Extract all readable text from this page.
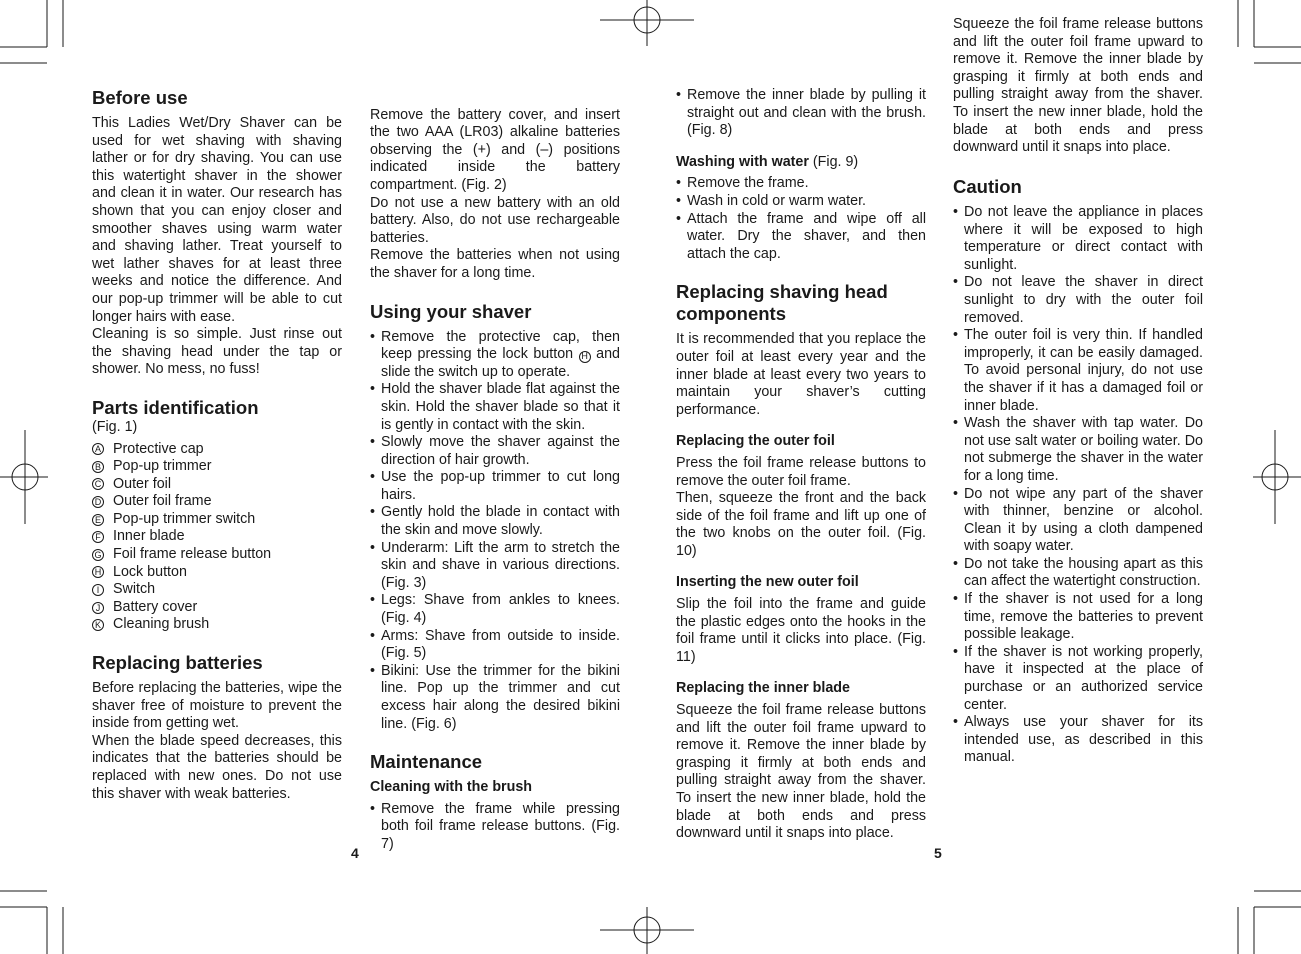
Before use

This Ladies Wet/Dry Shaver can be used for wet shaving with shaving lather or for dry shaving. You can use this watertight shaver in the shower and clean it in water. Our research has shown that you can enjoy closer and smoother shaves using warm water and shaving lather. Treat yourself to wet lather shaves for at least three weeks and notice the difference. And our pop-up trimmer will be able to cut longer hairs with ease.

Cleaning is so simple. Just rinse out the shaving head under the tap or shower. No mess, no fuss!

Parts identification
(Fig. 1)
A Protective cap
B Pop-up trimmer
C Outer foil
D Outer foil frame
E Pop-up trimmer switch
F Inner blade
G Foil frame release button
H Lock button
I Switch
J Battery cover
K Cleaning brush
Replacing batteries

Before replacing the batteries, wipe the shaver free of moisture to prevent the inside from getting wet.

When the blade speed decreases, this indicates that the batteries should be replaced with new ones. Do not use this shaver with weak batteries.

Remove the battery cover, and insert the two AAA (LR03) alkaline batteries observing the (+) and (–) positions indicated inside the battery compartment. (Fig. 2)

Do not use a new battery with an old battery. Also, do not use rechargeable batteries.

Remove the batteries when not using the shaver for a long time.

Using your shaver
• Remove the protective cap, then keep pressing the lock button H and slide the switch up to operate.
• Hold the shaver blade flat against the skin. Hold the shaver blade so that it is gently in contact with the skin.
• Slowly move the shaver against the direction of hair growth.
• Use the pop-up trimmer to cut long hairs.
• Gently hold the blade in contact with the skin and move slowly.
• Underarm: Lift the arm to stretch the skin and shave in various directions. (Fig. 3)
• Legs: Shave from ankles to knees. (Fig. 4)
• Arms: Shave from outside to inside. (Fig. 5)
• Bikini: Use the trimmer for the bikini line. Pop up the trimmer and cut excess hair along the desired bikini line. (Fig. 6)
Maintenance
Cleaning with the brush
• Remove the frame while pressing both foil frame release buttons. (Fig. 7)
• Remove the inner blade by pulling it straight out and clean with the brush. (Fig. 8)
Washing with water (Fig. 9)
• Remove the frame.
• Wash in cold or warm water.
• Attach the frame and wipe off all water. Dry the shaver, and then attach the cap.
Replacing shaving head components

It is recommended that you replace the outer foil at least every year and the inner blade at least every two years to maintain your shaver’s cutting performance.

Replacing the outer foil

Press the foil frame release buttons to remove the outer foil frame.

Then, squeeze the front and the back side of the foil frame and lift up one of the two knobs on the outer foil. (Fig. 10)

Inserting the new outer foil

Slip the foil into the frame and guide the plastic edges onto the hooks in the foil frame until it clicks into place. (Fig. 11)

Replacing the inner blade

Squeeze the foil frame release buttons and lift the outer foil frame upward to remove it. Remove the inner blade by grasping it firmly at both ends and pulling straight away from the shaver. To insert the new inner blade, hold the blade at both ends and press downward until it snaps into place.

Squeeze the foil frame release buttons and lift the outer foil frame upward to remove it. Remove the inner blade by grasping it firmly at both ends and pulling straight away from the shaver. To insert the new inner blade, hold the blade at both ends and press downward until it snaps into place.

Caution
• Do not leave the appliance in places where it will be exposed to high temperature or direct contact with sunlight.
• Do not leave the shaver in direct sunlight to dry with the outer foil removed.
• The outer foil is very thin. If handled improperly, it can be easily damaged. To avoid personal injury, do not use the shaver if it has a damaged foil or inner blade.
• Wash the shaver with tap water. Do not use salt water or boiling water. Do not submerge the shaver in the water for a long time.
• Do not wipe any part of the shaver with thinner, benzine or alcohol. Clean it by using a cloth dampened with soapy water.
• Do not take the housing apart as this can affect the watertight construction.
• If the shaver is not used for a long time, remove the batteries to prevent possible leakage.
• If the shaver is not working properly, have it inspected at the place of purchase or an authorized service center.
• Always use your shaver for its intended use, as described in this manual.
4	5
